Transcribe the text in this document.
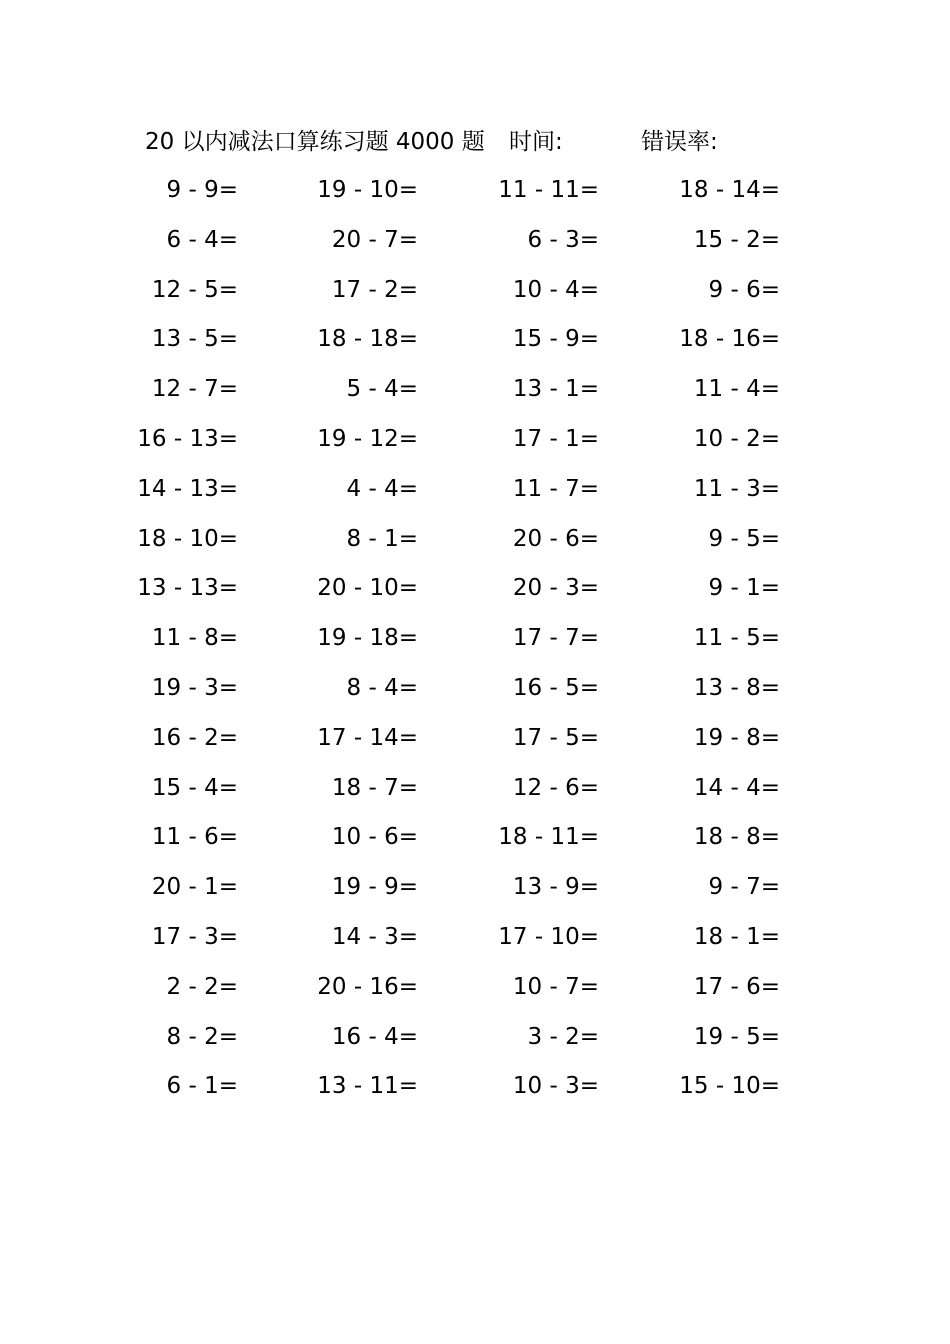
20 以内减法口算练习题 4000 题 时间:	错误率:
9 - 9=	19 - 10=	11 - 11=	18 - 14=
6 - 4=	20 - 7=	6 - 3=	15 - 2=
12 - 5=	17 - 2=	10 - 4=	9 - 6=
13 - 5=	18 - 18=	15 - 9=	18 - 16=
12 - 7=	5 - 4=	13 - 1=	11 - 4=
16 - 13=	19 - 12=	17 - 1=	10 - 2=
14 - 13=	4 - 4=	11 - 7=	11 - 3=
18 - 10=	8 - 1=	20 - 6=	9 - 5=
13 - 13=	20 - 10=	20 - 3=	9 - 1=
11 - 8=	19 - 18=	17 - 7=	11 - 5=
19 - 3=	8 - 4=	16 - 5=	13 - 8=
16 - 2=	17 - 14=	17 - 5=	19 - 8=
15 - 4=	18 - 7=	12 - 6=	14 - 4=
11 - 6=	10 - 6=	18 - 11=	18 - 8=
20 - 1=	19 - 9=	13 - 9=	9 - 7=
17 - 3=	14 - 3=	17 - 10=	18 - 1=
2 - 2=	20 - 16=	10 - 7=	17 - 6=
8 - 2=	16 - 4=	3 - 2=	19 - 5=
6 - 1=	13 - 11=	10 - 3=	15 - 10=
